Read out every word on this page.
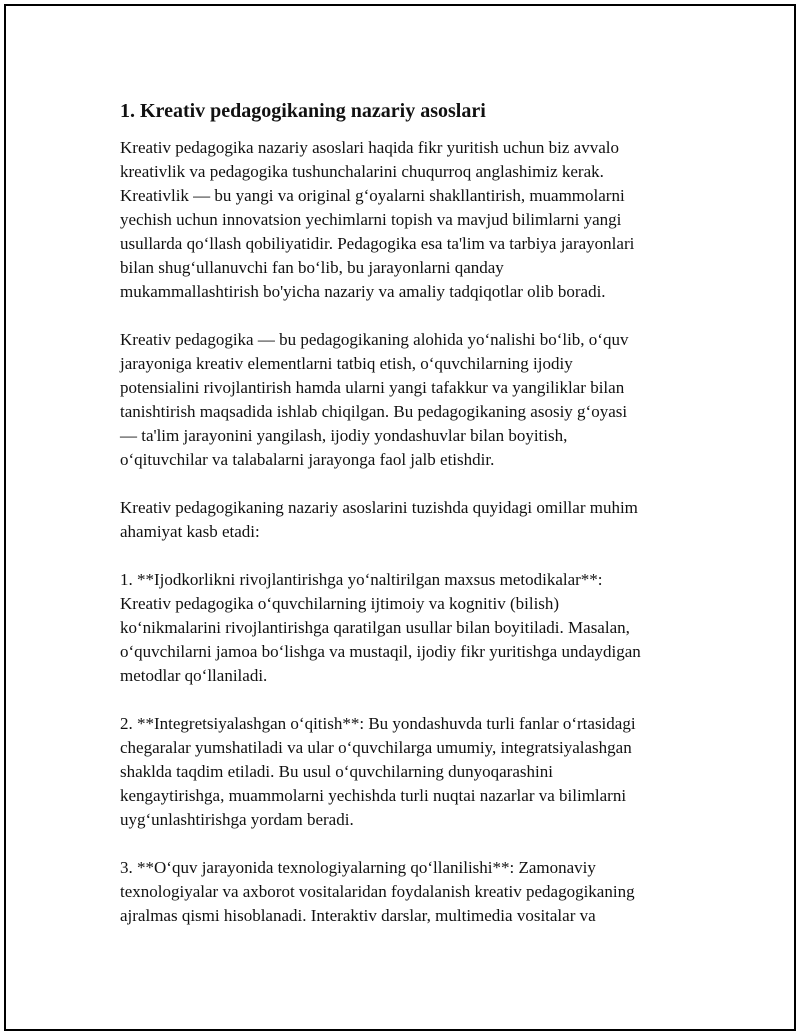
1. Kreativ pedagogikaning nazariy asoslari
Kreativ pedagogika nazariy asoslari haqida fikr yuritish uchun biz avvalo
kreativlik va pedagogika tushunchalarini chuqurroq anglashimiz kerak.
Kreativlik — bu yangi va original g‘oyalarni shakllantirish, muammolarni
yechish uchun innovatsion yechimlarni topish va mavjud bilimlarni yangi
usullarda qo‘llash qobiliyatidir. Pedagogika esa ta'lim va tarbiya jarayonlari
bilan shug‘ullanuvchi fan bo‘lib, bu jarayonlarni qanday
mukammallashtirish bo'yicha nazariy va amaliy tadqiqotlar olib boradi.
Kreativ pedagogika — bu pedagogikaning alohida yo‘nalishi bo‘lib, o‘quv
jarayoniga kreativ elementlarni tatbiq etish, o‘quvchilarning ijodiy
potensialini rivojlantirish hamda ularni yangi tafakkur va yangiliklar bilan
tanishtirish maqsadida ishlab chiqilgan. Bu pedagogikaning asosiy g‘oyasi
— ta'lim jarayonini yangilash, ijodiy yondashuvlar bilan boyitish,
o‘qituvchilar va talabalarni jarayonga faol jalb etishdir.
Kreativ pedagogikaning nazariy asoslarini tuzishda quyidagi omillar muhim
ahamiyat kasb etadi:
1. **Ijodkorlikni rivojlantirishga yo‘naltirilgan maxsus metodikalar**:
Kreativ pedagogika o‘quvchilarning ijtimoiy va kognitiv (bilish)
ko‘nikmalarini rivojlantirishga qaratilgan usullar bilan boyitiladi. Masalan,
o‘quvchilarni jamoa bo‘lishga va mustaqil, ijodiy fikr yuritishga undaydigan
metodlar qo‘llaniladi.
2. **Integretsiyalashgan o‘qitish**: Bu yondashuvda turli fanlar o‘rtasidagi
chegaralar yumshatiladi va ular o‘quvchilarga umumiy, integratsiyalashgan
shaklda taqdim etiladi. Bu usul o‘quvchilarning dunyoqarashini
kengaytirishga, muammolarni yechishda turli nuqtai nazarlar va bilimlarni
uyg‘unlashtirishga yordam beradi.
3. **O‘quv jarayonida texnologiyalarning qo‘llanilishi**: Zamonaviy
texnologiyalar va axborot vositalaridan foydalanish kreativ pedagogikaning
ajralmas qismi hisoblanadi. Interaktiv darslar, multimedia vositalar va
